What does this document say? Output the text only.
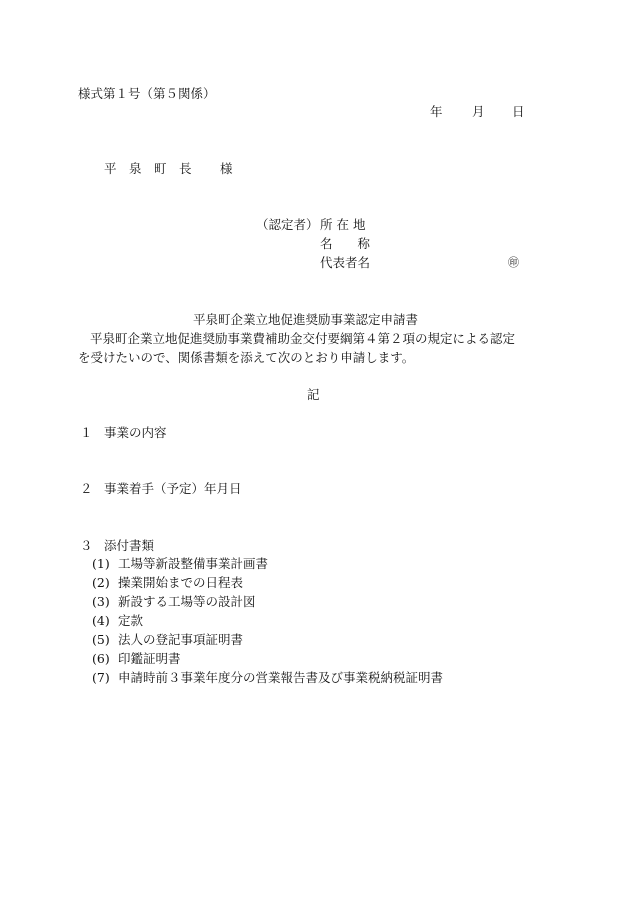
様式第１号（第５関係）
年 月 日
平　泉　町　長 様
（認定者） 所 在 地
名　　称
代表者名	㊞
平泉町企業立地促進奨励事業認定申請書
平泉町企業立地促進奨励事業費補助金交付要綱第４第２項の規定による認定
を受けたいので、関係書類を添えて次のとおり申請します。
記
１ 事業の内容
２ 事業着手（予定）年月日
３ 添付書類
(1) 工場等新設整備事業計画書
(2) 操業開始までの日程表
(3) 新設する工場等の設計図
(4) 定款
(5) 法人の登記事項証明書
(6) 印鑑証明書
(7) 申請時前３事業年度分の営業報告書及び事業税納税証明書
